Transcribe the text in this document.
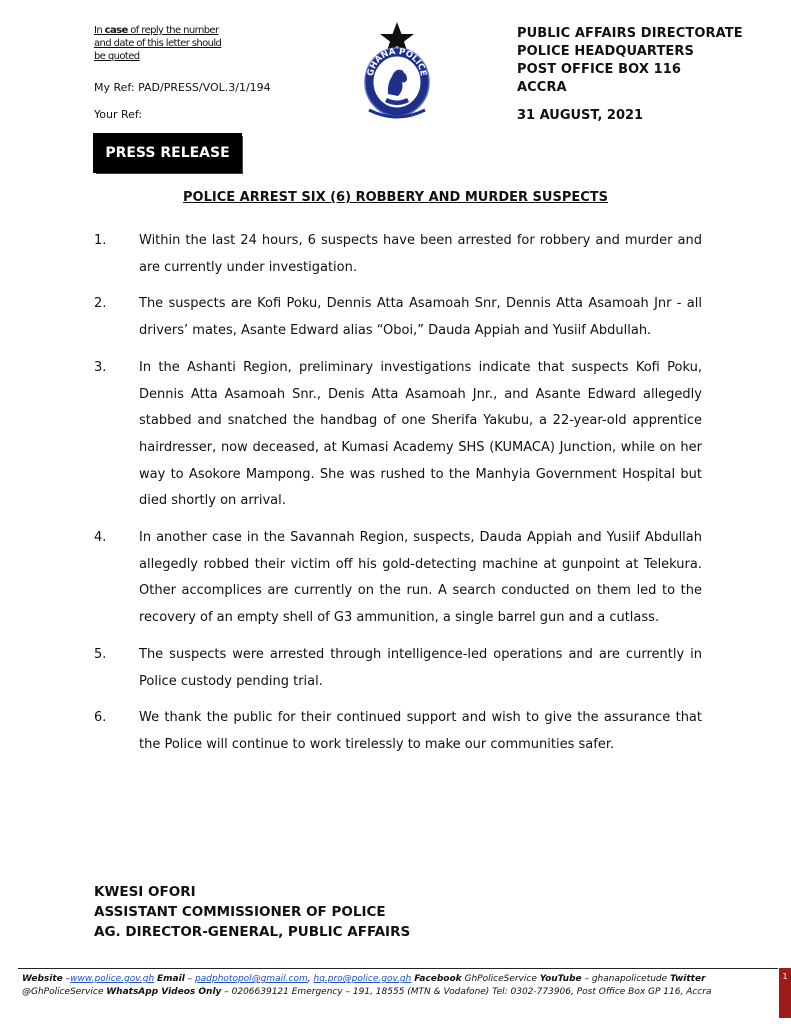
In case of reply the number and date of this letter should be quoted
My Ref: PAD/PRESS/VOL.3/1/194
Your Ref:
GHANA POLICE
PUBLIC AFFAIRS DIRECTORATE
POLICE HEADQUARTERS
POST OFFICE BOX 116
ACCRA
31 AUGUST, 2021
PRESS RELEASE
POLICE ARREST SIX (6) ROBBERY AND MURDER SUSPECTS
1.	Within the last 24 hours, 6 suspects have been arrested for robbery and murder and are currently under investigation.
2.	The suspects are Kofi Poku, Dennis Atta Asamoah Snr, Dennis Atta Asamoah Jnr - all drivers’ mates, Asante Edward alias “Oboi,” Dauda Appiah and Yusiif Abdullah.
3.	In the Ashanti Region, preliminary investigations indicate that suspects Kofi Poku, Dennis Atta Asamoah Snr., Denis Atta Asamoah Jnr., and Asante Edward allegedly stabbed and snatched the handbag of one Sherifa Yakubu, a 22-year-old apprentice hairdresser, now deceased, at Kumasi Academy SHS (KUMACA) Junction, while on her way to Asokore Mampong. She was rushed to the Manhyia Government Hospital but died shortly on arrival.
4.	In another case in the Savannah Region, suspects, Dauda Appiah and Yusiif Abdullah allegedly robbed their victim off his gold-detecting machine at gunpoint at Telekura. Other accomplices are currently on the run. A search conducted on them led to the recovery of an empty shell of G3 ammunition, a single barrel gun and a cutlass.
5.	The suspects were arrested through intelligence-led operations and are currently in Police custody pending trial.
6.	We thank the public for their continued support and wish to give the assurance that the Police will continue to work tirelessly to make our communities safer.
KWESI OFORI
ASSISTANT COMMISSIONER OF POLICE
AG. DIRECTOR-GENERAL, PUBLIC AFFAIRS
Website –www.police.gov.gh Email – padphotopol@gmail.com, hq.pro@police.gov.gh Facebook GhPoliceService YouTube – ghanapolicetude Twitter
@GhPoliceService WhatsApp Videos Only – 0206639121 Emergency – 191, 18555 (MTN & Vodafone) Tel: 0302-773906, Post Office Box GP 116, Accra
1
